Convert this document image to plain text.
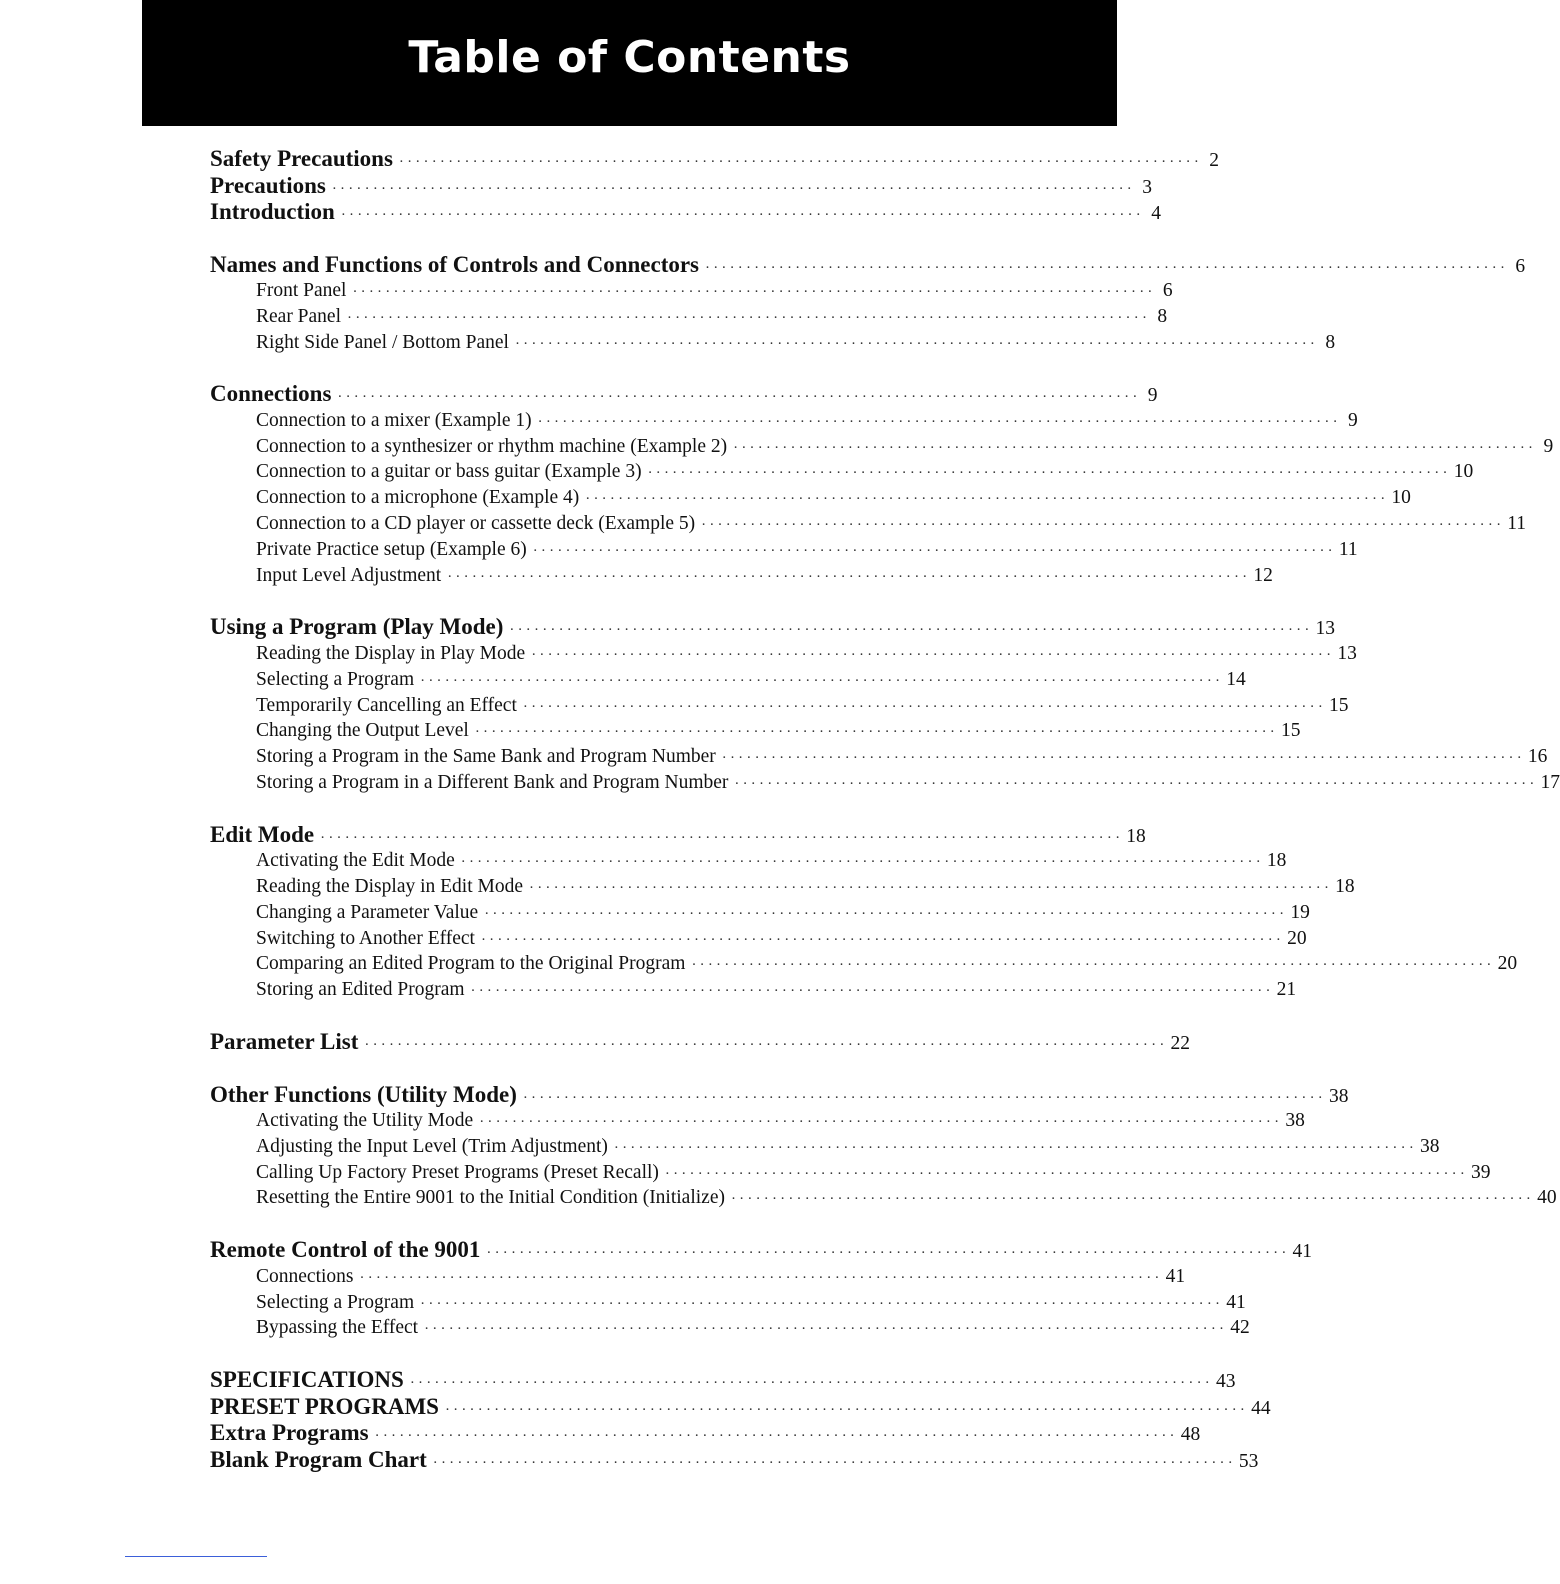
Table of Contents
Safety Precautions ·································································································· 2
Precautions ·································································································· 3
Introduction ·································································································· 4
Names and Functions of Controls and Connectors ·································································································· 6
Front Panel ·································································································· 6
Rear Panel ·································································································· 8
Right Side Panel / Bottom Panel ·································································································· 8
Connections ·································································································· 9
Connection to a mixer (Example 1) ·································································································· 9
Connection to a synthesizer or rhythm machine (Example 2) ·································································································· 9
Connection to a guitar or bass guitar (Example 3) ·································································································· 10
Connection to a microphone (Example 4) ·································································································· 10
Connection to a CD player or cassette deck (Example 5) ·································································································· 11
Private Practice setup (Example 6) ·································································································· 11
Input Level Adjustment ·································································································· 12
Using a Program (Play Mode) ·································································································· 13
Reading the Display in Play Mode ·································································································· 13
Selecting a Program ·································································································· 14
Temporarily Cancelling an Effect ·································································································· 15
Changing the Output Level ·································································································· 15
Storing a Program in the Same Bank and Program Number ·································································································· 16
Storing a Program in a Different Bank and Program Number ·································································································· 17
Edit Mode ·································································································· 18
Activating the Edit Mode ·································································································· 18
Reading the Display in Edit Mode ·································································································· 18
Changing a Parameter Value ·································································································· 19
Switching to Another Effect ·································································································· 20
Comparing an Edited Program to the Original Program ·································································································· 20
Storing an Edited Program ·································································································· 21
Parameter List ·································································································· 22
Other Functions (Utility Mode) ·································································································· 38
Activating the Utility Mode ·································································································· 38
Adjusting the Input Level (Trim Adjustment) ·································································································· 38
Calling Up Factory Preset Programs (Preset Recall) ·································································································· 39
Resetting the Entire 9001 to the Initial Condition (Initialize) ·································································································· 40
Remote Control of the 9001 ·································································································· 41
Connections ·································································································· 41
Selecting a Program ·································································································· 41
Bypassing the Effect ·································································································· 42
SPECIFICATIONS ·································································································· 43
PRESET PROGRAMS ·································································································· 44
Extra Programs ·································································································· 48
Blank Program Chart ·································································································· 53
